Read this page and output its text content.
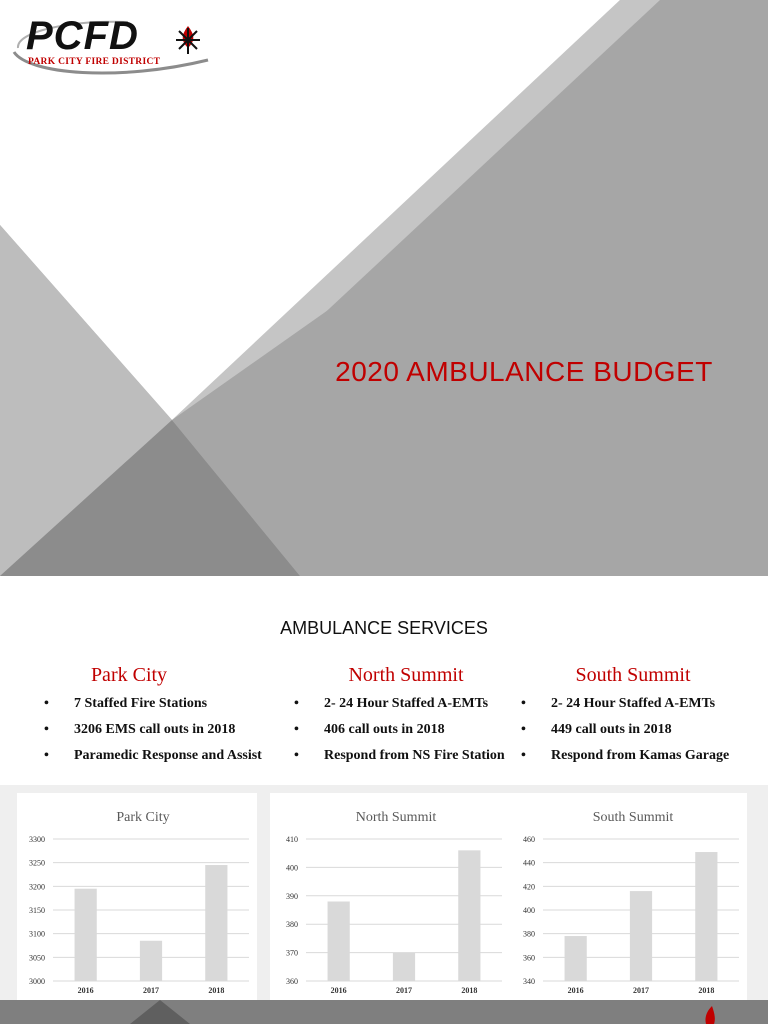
PCFD
PARK CITY FIRE DISTRICT
2020 AMBULANCE BUDGET
AMBULANCE SERVICES
Park City
• 7 Staffed Fire Stations
• 3206 EMS call outs in 2018
• Paramedic Response and Assist
North Summit
• 2- 24 Hour Staffed A-EMTs
• 406 call outs in 2018
• Respond from NS Fire Station
South Summit
• 2- 24 Hour Staffed A-EMTs
• 449 call outs in 2018
• Respond from Kamas Garage
Park City
3000
3050
3100
3150
3200
3250
3300
2016	2017	2018
North Summit
360
370
380
390
400
410
2016	2017	2018
South Summit
340
360
380
400
420
440
460
2016	2017	2018
